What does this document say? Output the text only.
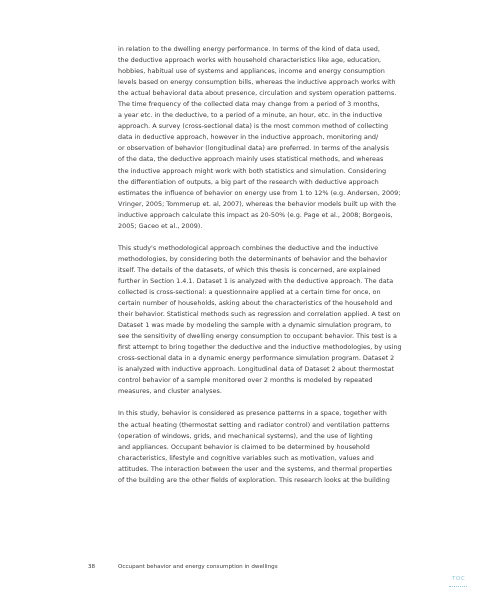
in relation to the dwelling energy performance. In terms of the kind of data used,
the deductive approach works with household characteristics like age, education,
hobbies, habitual use of systems and appliances, income and energy consumption
levels based on energy consumption bills, whereas the inductive approach works with
the actual behavioral data about presence, circulation and system operation patterns.
The time frequency of the collected data may change from a period of 3 months,
a year etc. in the deductive, to a period of a minute, an hour, etc. in the inductive
approach. A survey (cross-sectional data) is the most common method of collecting
data in deductive approach, however in the inductive approach, monitoring and/
or observation of behavior (longitudinal data) are preferred. In terms of the analysis
of the data, the deductive approach mainly uses statistical methods, and whereas
the inductive approach might work with both statistics and simulation. Considering
the differentiation of outputs, a big part of the research with deductive approach
estimates the influence of behavior on energy use from 1 to 12% (e.g. Andersen, 2009;
Vringer, 2005; Tommerup et. al, 2007), whereas the behavior models built up with the
inductive approach calculate this impact as 20-50% (e.g. Page et al., 2008; Borgeois,
2005; Gaceo et al., 2009).
This study's methodological approach combines the deductive and the inductive
methodologies, by considering both the determinants of behavior and the behavior
itself. The details of the datasets, of which this thesis is concerned, are explained
further in Section 1.4.1. Dataset 1 is analyzed with the deductive approach. The data
collected is cross-sectional: a questionnaire applied at a certain time for once, on
certain number of households, asking about the characteristics of the household and
their behavior. Statistical methods such as regression and correlation applied. A test on
Dataset 1 was made by modeling the sample with a dynamic simulation program, to
see the sensitivity of dwelling energy consumption to occupant behavior. This test is a
first attempt to bring together the deductive and the inductive methodologies, by using
cross-sectional data in a dynamic energy performance simulation program. Dataset 2
is analyzed with inductive approach. Longitudinal data of Dataset 2 about thermostat
control behavior of a sample monitored over 2 months is modeled by repeated
measures, and cluster analyses.
In this study, behavior is considered as presence patterns in a space, together with
the actual heating (thermostat setting and radiator control) and ventilation patterns
(operation of windows, grids, and mechanical systems), and the use of lighting
and appliances. Occupant behavior is claimed to be determined by household
characteristics, lifestyle and cognitive variables such as motivation, values and
attitudes. The interaction between the user and the systems, and thermal properties
of the building are the other fields of exploration. This research looks at the building
38	Occupant behavior and energy consumption in dwellings
TOC
